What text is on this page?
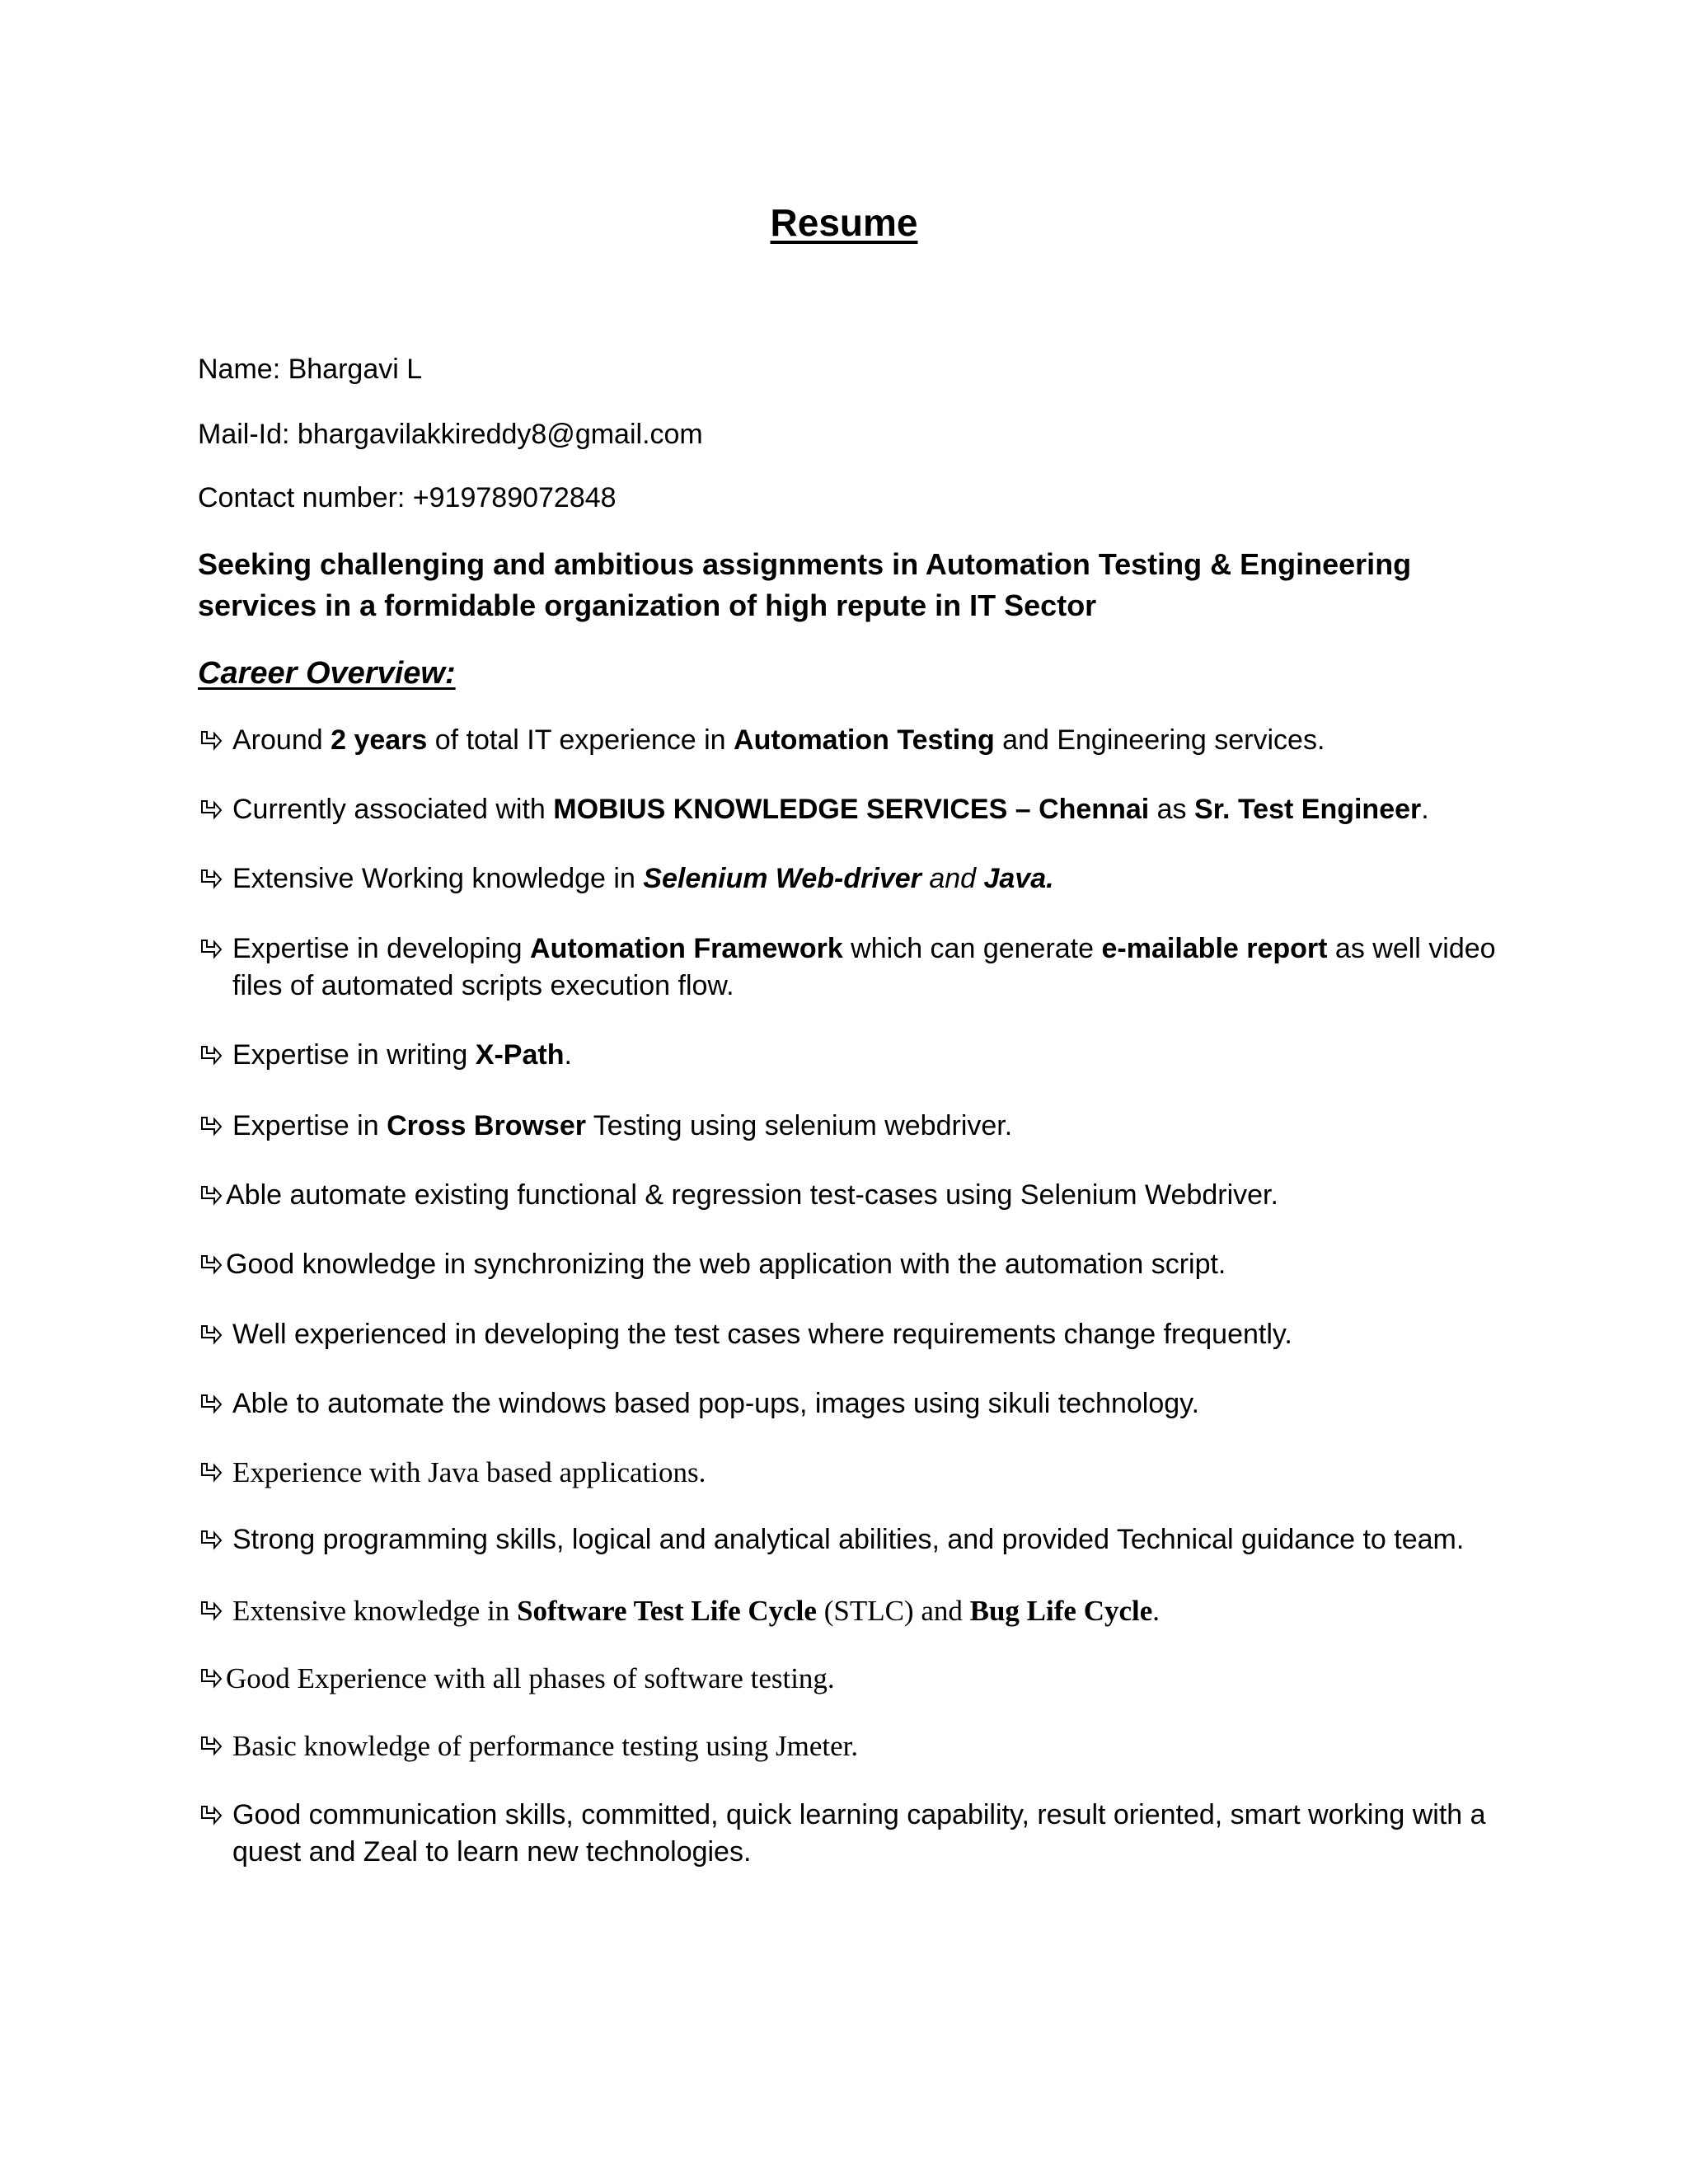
Resume
Name: Bhargavi L
Mail-Id: bhargavilakkireddy8@gmail.com
Contact number: +919789072848
Seeking challenging and ambitious assignments in Automation Testing & Engineering services in a formidable organization of high repute in IT Sector
Career Overview:
Around 2 years of total IT experience in Automation Testing and Engineering services.
Currently associated with MOBIUS KNOWLEDGE SERVICES – Chennai as Sr. Test Engineer.
Extensive Working knowledge in Selenium Web-driver and Java.
Expertise in developing Automation Framework which can generate e-mailable report as well video files of automated scripts execution flow.
Expertise in writing X-Path.
Expertise in Cross Browser Testing using selenium webdriver.
Able automate existing functional & regression test-cases using Selenium Webdriver.
Good knowledge in synchronizing the web application with the automation script.
Well experienced in developing the test cases where requirements change frequently.
Able to automate the windows based pop-ups, images using sikuli technology.
Experience with Java based applications.
Strong programming skills, logical and analytical abilities, and provided Technical guidance to team.
Extensive knowledge in Software Test Life Cycle (STLC) and Bug Life Cycle.
Good Experience with all phases of software testing.
Basic knowledge of performance testing using Jmeter.
Good communication skills, committed, quick learning capability, result oriented, smart working with a quest and Zeal to learn new technologies.
